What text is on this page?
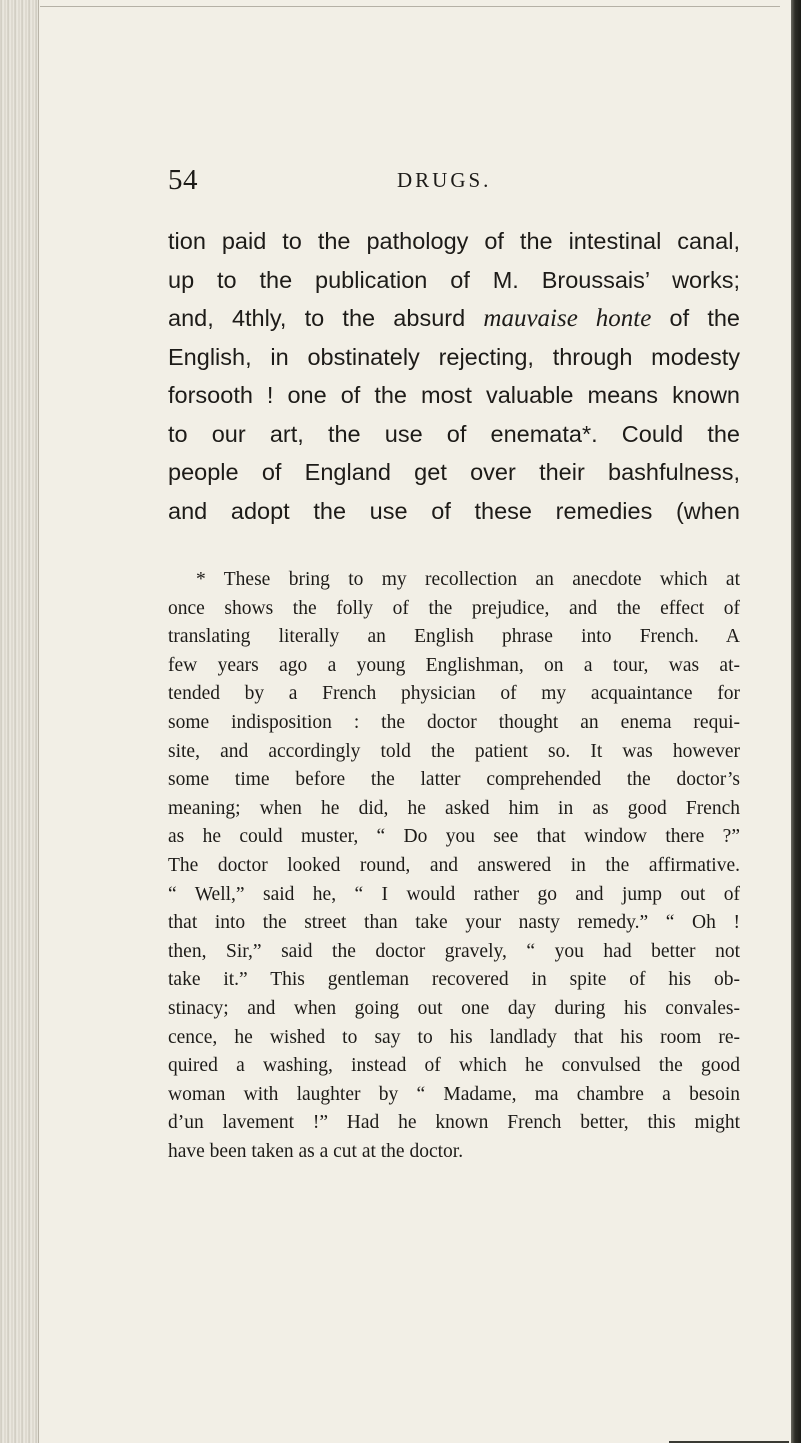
54	DRUGS.
tion paid to the pathology of the intestinal canal,
up to the publication of M. Broussais’ works;
and, 4thly, to the absurd mauvaise honte of the
English, in obstinately rejecting, through modesty
forsooth ! one of the most valuable means known
to our art, the use of enemata*. Could the
people of England get over their bashfulness,
and adopt the use of these remedies (when
* These bring to my recollection an anecdote which at
once shows the folly of the prejudice, and the effect of
translating literally an English phrase into French. A
few years ago a young Englishman, on a tour, was at-
tended by a French physician of my acquaintance for
some indisposition : the doctor thought an enema requi-
site, and accordingly told the patient so. It was however
some time before the latter comprehended the doctor’s
meaning; when he did, he asked him in as good French
as he could muster, “ Do you see that window there ?”
The doctor looked round, and answered in the affirmative.
“ Well,” said he, “ I would rather go and jump out of
that into the street than take your nasty remedy.” “ Oh !
then, Sir,” said the doctor gravely, “ you had better not
take it.” This gentleman recovered in spite of his ob-
stinacy; and when going out one day during his convales-
cence, he wished to say to his landlady that his room re-
quired a washing, instead of which he convulsed the good
woman with laughter by “ Madame, ma chambre a besoin
d’un lavement !” Had he known French better, this might
have been taken as a cut at the doctor.
